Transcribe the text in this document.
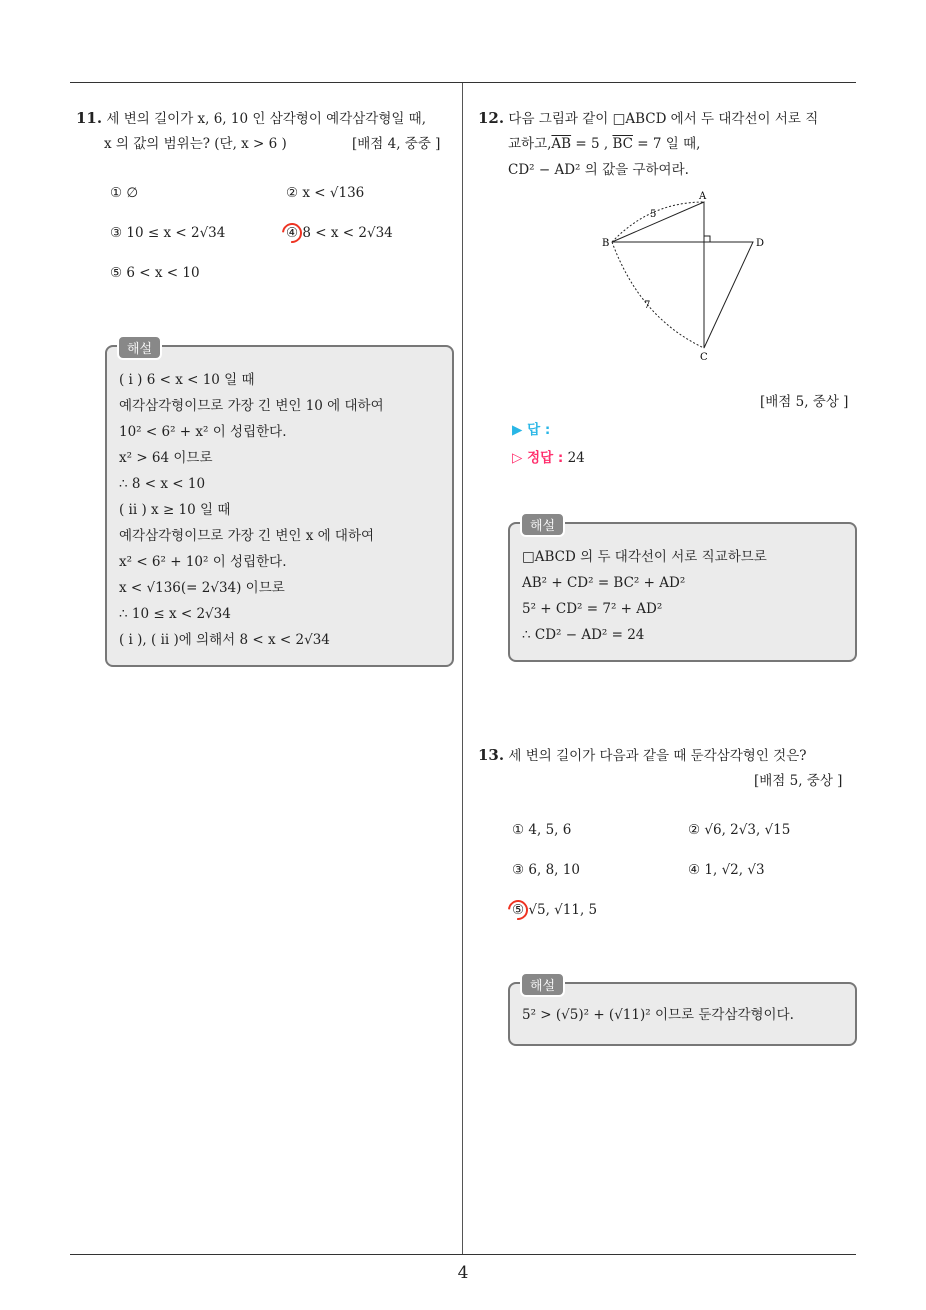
4
11. 세 변의 길이가 x, 6, 10 인 삼각형이 예각삼각형일 때,
x 의 값의 범위는? (단, x > 6 )	[배점 4, 중중 ]
① ∅	② x < √136
③ 10 ≤ x < 2√34	④ 8 < x < 2√34
⑤ 6 < x < 10
해설
( i ) 6 < x < 10 일 때
예각삼각형이므로 가장 긴 변인 10 에 대하여
10² < 6² + x² 이 성립한다.
x² > 64 이므로
∴ 8 < x < 10
( ii ) x ≥ 10 일 때
예각삼각형이므로 가장 긴 변인 x 에 대하여
x² < 6² + 10² 이 성립한다.
x < √136(= 2√34) 이므로
∴ 10 ≤ x < 2√34
( i ), ( ii )에 의해서 8 < x < 2√34
12. 다음 그림과 같이 □ABCD 에서 두 대각선이 서로 직
교하고$,\overline{AB} = 5$ , $\overline{BC} = 7$ 일 때,
CD² − AD² 의 값을 구하여라.
A
B	D
C
5
7
[배점 5, 중상 ]
▶ 답 :
▷ 정답 : 24
해설
□ABCD 의 두 대각선이 서로 직교하므로
AB² + CD² = BC² + AD²
5² + CD² = 7² + AD²
∴ CD² − AD² = 24
13. 세 변의 길이가 다음과 같을 때 둔각삼각형인 것은?
[배점 5, 중상 ]
① 4, 5, 6	② √6, 2√3, √15
③ 6, 8, 10	④ 1, √2, √3
⑤ √5, √11, 5
해설
5² > (√5)² + (√11)² 이므로 둔각삼각형이다.
